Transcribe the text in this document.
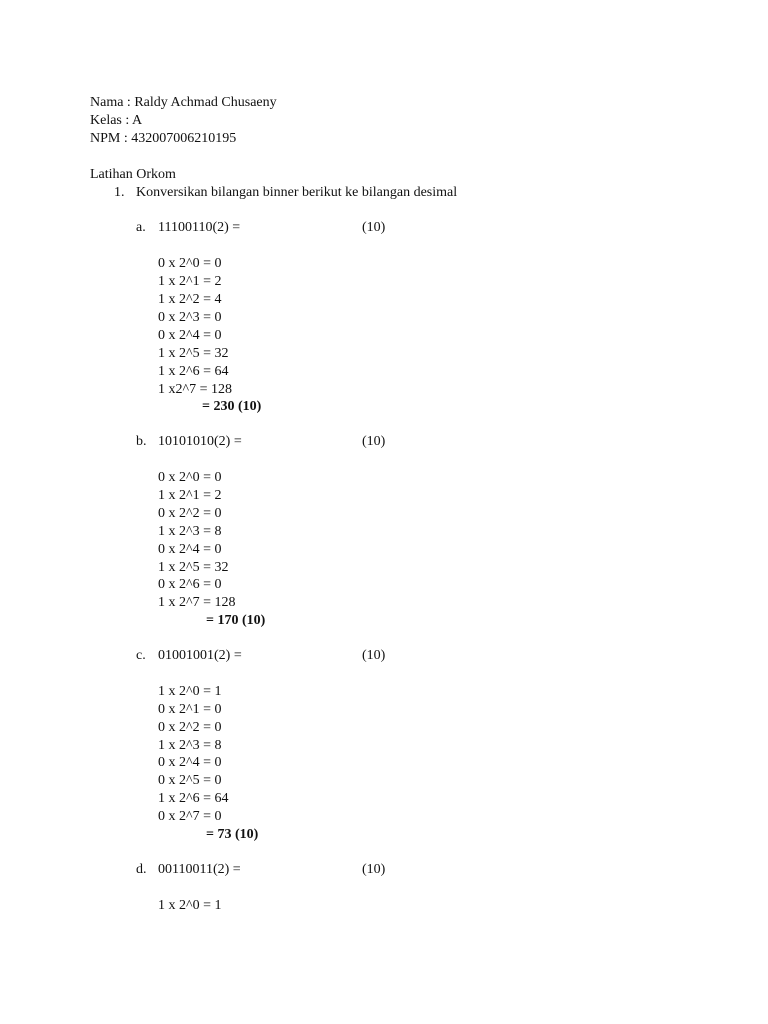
Nama : Raldy Achmad Chusaeny
Kelas : A
NPM : 432007006210195
Latihan Orkom
1. Konversikan bilangan binner berikut ke bilangan desimal
a. 11100110(2) =	(10)
0 x 2^0 = 0
1 x 2^1 = 2
1 x 2^2 = 4
0 x 2^3 = 0
0 x 2^4 = 0
1 x 2^5 = 32
1 x 2^6 = 64
1 x2^7 = 128
= 230 (10)
b. 10101010(2) =	(10)
0 x 2^0 = 0
1 x 2^1 = 2
0 x 2^2 = 0
1 x 2^3 = 8
0 x 2^4 = 0
1 x 2^5 = 32
0 x 2^6 = 0
1 x 2^7 = 128
= 170 (10)
c. 01001001(2) =	(10)
1 x 2^0 = 1
0 x 2^1 = 0
0 x 2^2 = 0
1 x 2^3 = 8
0 x 2^4 = 0
0 x 2^5 = 0
1 x 2^6 = 64
0 x 2^7 = 0
= 73 (10)
d. 00110011(2) =	(10)
1 x 2^0 = 1
